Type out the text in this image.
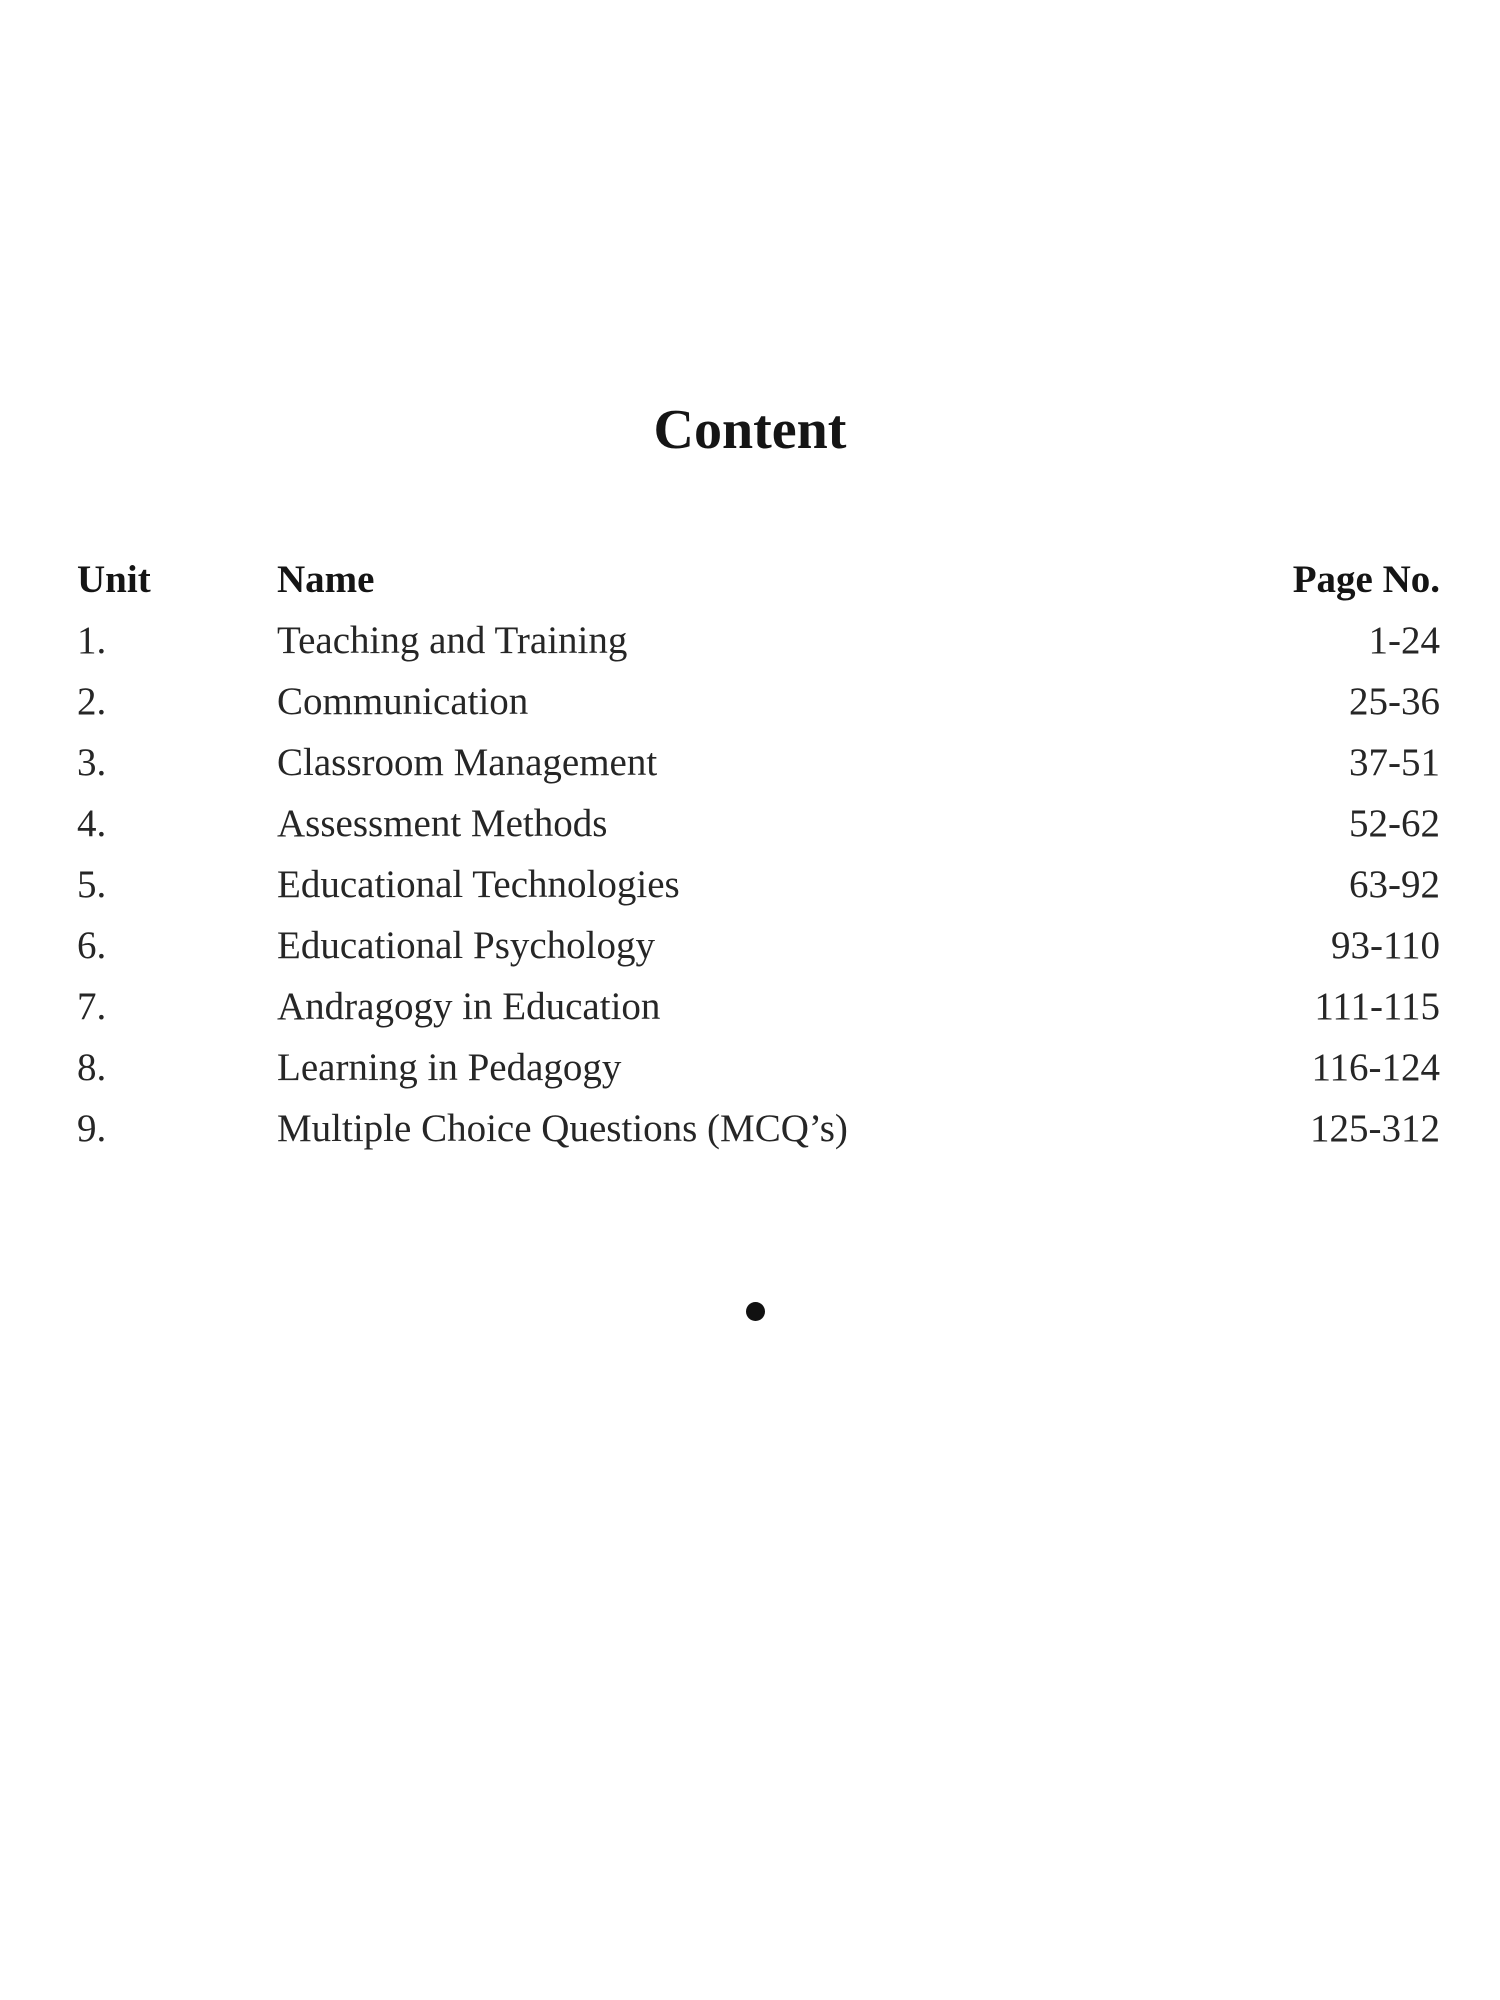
Content
Unit	Name	Page No.
1.	Teaching and Training	1-24
2.	Communication	25-36
3.	Classroom Management	37-51
4.	Assessment Methods	52-62
5.	Educational Technologies	63-92
6.	Educational Psychology	93-110
7.	Andragogy in Education	111-115
8.	Learning in Pedagogy	116-124
9.	Multiple Choice Questions (MCQ’s)	125-312
